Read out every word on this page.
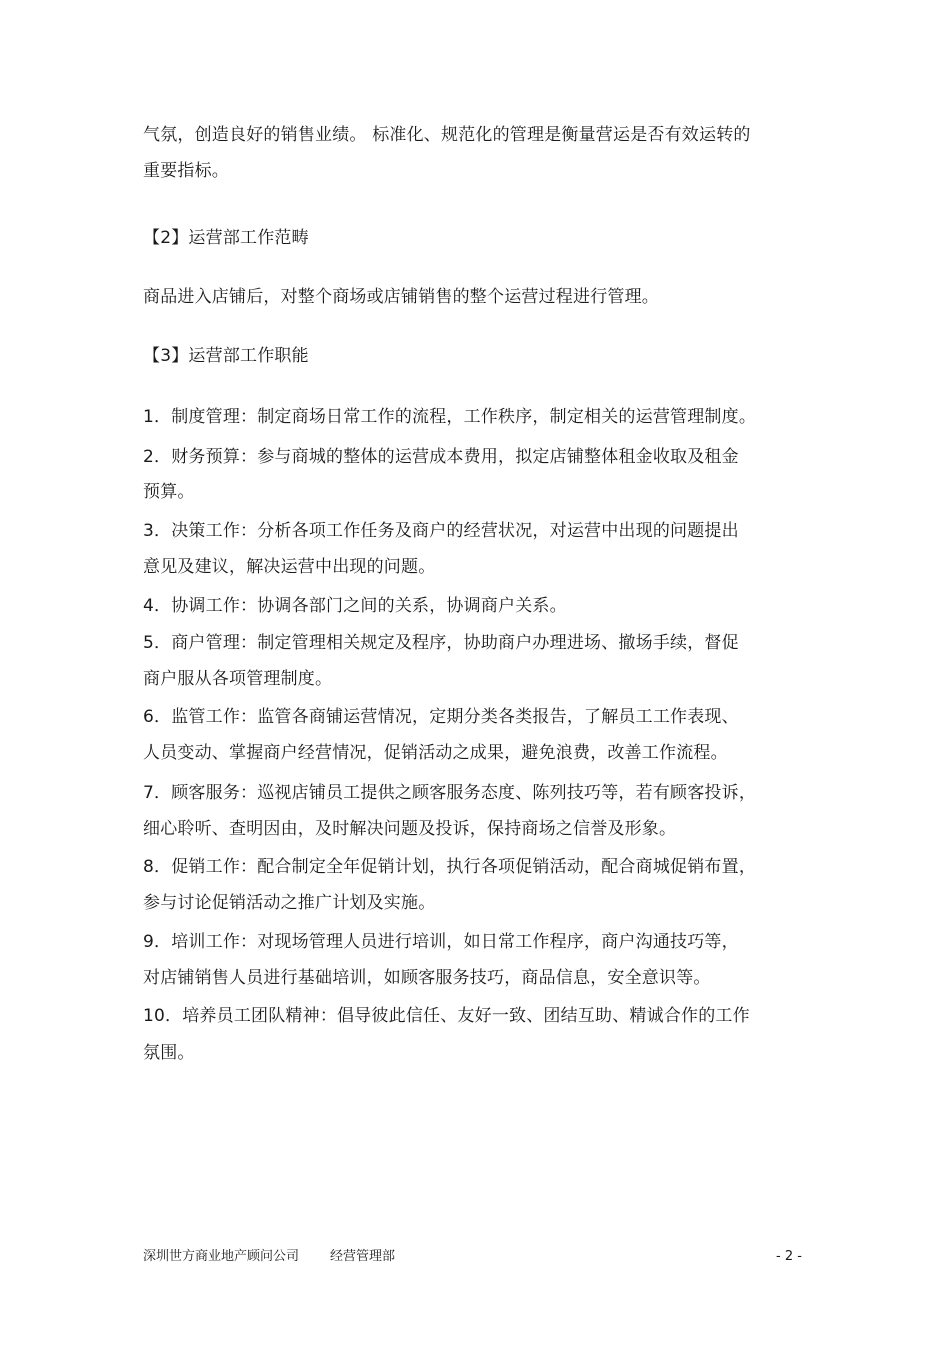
气氛，创造良好的销售业绩。 标准化、规范化的管理是衡量营运是否有效运转的
重要指标。
【2】运营部工作范畴
商品进入店铺后，对整个商场或店铺销售的整个运营过程进行管理。
【3】运营部工作职能
1．制度管理：制定商场日常工作的流程，工作秩序，制定相关的运营管理制度。
2．财务预算：参与商城的整体的运营成本费用，拟定店铺整体租金收取及租金
预算。
3．决策工作：分析各项工作任务及商户的经营状况，对运营中出现的问题提出
意见及建议，解决运营中出现的问题。
4．协调工作：协调各部门之间的关系，协调商户关系。
5．商户管理：制定管理相关规定及程序，协助商户办理进场、撤场手续，督促
商户服从各项管理制度。
6．监管工作：监管各商铺运营情况，定期分类各类报告，了解员工工作表现、
人员变动、掌握商户经营情况，促销活动之成果，避免浪费，改善工作流程。
7．顾客服务：巡视店铺员工提供之顾客服务态度、陈列技巧等，若有顾客投诉，
细心聆听、查明因由，及时解决问题及投诉，保持商场之信誉及形象。
8．促销工作：配合制定全年促销计划，执行各项促销活动，配合商城促销布置，
参与讨论促销活动之推广计划及实施。
9．培训工作：对现场管理人员进行培训，如日常工作程序，商户沟通技巧等，
对店铺销售人员进行基础培训，如顾客服务技巧，商品信息，安全意识等。
10．培养员工团队精神：倡导彼此信任、友好一致、团结互助、精诚合作的工作
氛围。
深圳世方商业地产顾问公司 经营管理部	- 2 -
